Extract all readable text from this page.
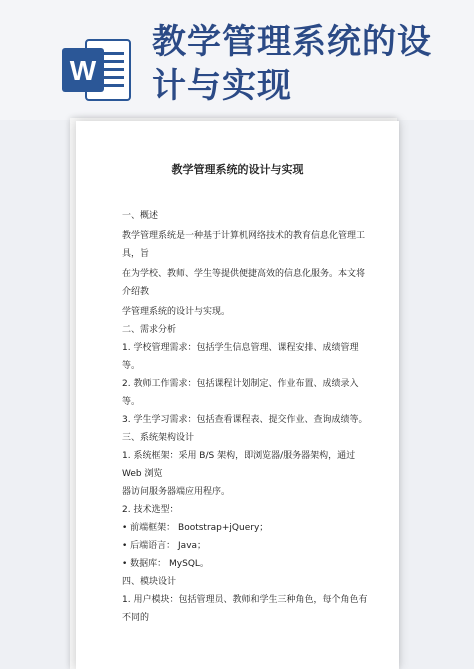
W
教学管理系统的设
计与实现
教学管理系统的设计与实现
一、概述
教学管理系统是一种基于计算机网络技术的教育信息化管理工具，旨
在为学校、教师、学生等提供便捷高效的信息化服务。本文将介绍教
学管理系统的设计与实现。
二、需求分析
1. 学校管理需求：包括学生信息管理、课程安排、成绩管理等。
2. 教师工作需求：包括课程计划制定、作业布置、成绩录入等。
3. 学生学习需求：包括查看课程表、提交作业、查询成绩等。
三、系统架构设计
1. 系统框架：采用 B/S 架构，即浏览器/服务器架构，通过 Web 浏览
器访问服务器端应用程序。
2. 技术选型：
• 前端框架： Bootstrap+jQuery；
• 后端语言： Java；
• 数据库： MySQL。
四、模块设计
1. 用户模块：包括管理员、教师和学生三种角色，每个角色有不同的
